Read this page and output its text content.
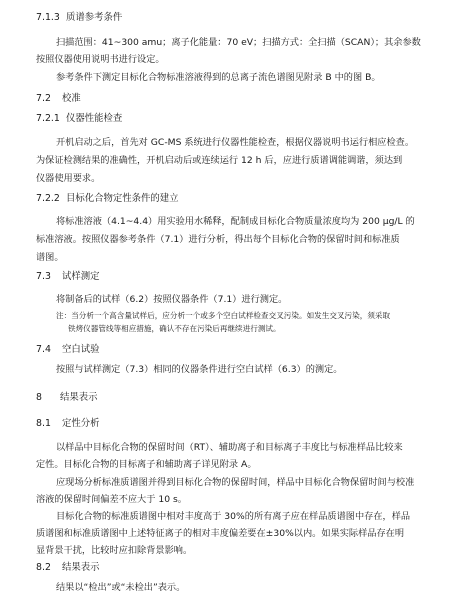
7.1.3 质谱参考条件
扫描范围：41~300 amu；离子化能量：70 eV；扫描方式：全扫描（SCAN）；其余参数
按照仪器使用说明书进行设定。
参考条件下测定目标化合物标准溶液得到的总离子流色谱图见附录 B 中的图 B。
7.2 校准
7.2.1 仪器性能检查
开机启动之后，首先对 GC-MS 系统进行仪器性能检查，根据仪器说明书运行相应检查。
为保证检测结果的准确性，开机启动后或连续运行 12 h 后，应进行质谱调能调谐，须达到
仪器使用要求。
7.2.2 目标化合物定性条件的建立
将标准溶液（4.1~4.4）用实验用水稀释，配制成目标化合物质量浓度均为 200 μg/L 的
标准溶液。按照仪器参考条件（7.1）进行分析，得出每个目标化合物的保留时间和标准质
谱图。
7.3 试样测定
将制备后的试样（6.2）按照仪器条件（7.1）进行测定。
注：当分析一个高含量试样后，应分析一个或多个空白试样检查交叉污染。如发生交叉污染，须采取
铁烤仪器管线等相应措施，确认不存在污染后再继续进行测试。
7.4 空白试验
按照与试样测定（7.3）相同的仪器条件进行空白试样（6.3）的测定。
8 结果表示
8.1 定性分析
以样品中目标化合物的保留时间（RT）、辅助离子和目标离子丰度比与标准样品比较来
定性。目标化合物的目标离子和辅助离子详见附录 A。
应现场分析标准质谱图并得到目标化合物的保留时间，样品中目标化合物保留时间与校准
溶液的保留时间偏差不应大于 10 s。
目标化合物的标准质谱图中相对丰度高于 30%的所有离子应在样品质谱图中存在，样品
质谱图和标准质谱图中上述特征离子的相对丰度偏差要在±30%以内。如果实际样品存在明
显背景干扰，比较时应扣除背景影响。
8.2 结果表示
结果以“检出”或“未检出”表示。
